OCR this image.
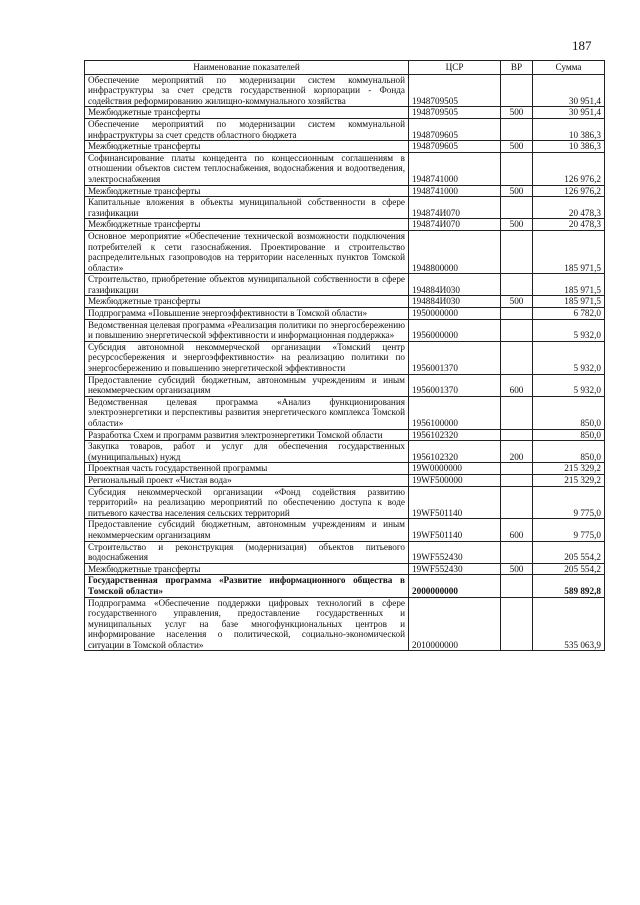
187
Наименование показателей	ЦСР	ВР	Сумма
Обеспечение мероприятий по модернизации систем коммунальной инфраструктуры за счет средств государственной корпорации - Фонда содействия реформированию жилищно-коммунального хозяйства	1948709505		30 951,4
Межбюджетные трансферты	1948709505	500	30 951,4
Обеспечение мероприятий по модернизации систем коммунальной инфраструктуры за счет средств областного бюджета	1948709605		10 386,3
Межбюджетные трансферты	1948709605	500	10 386,3
Софинансирование платы концедента по концессионным соглашениям в отношении объектов систем теплоснабжения, водоснабжения и водоотведения, электроснабжения	1948741000		126 976,2
Межбюджетные трансферты	1948741000	500	126 976,2
Капитальные вложения в объекты муниципальной собственности в сфере газификации	194874И070		20 478,3
Межбюджетные трансферты	194874И070	500	20 478,3
Основное мероприятие «Обеспечение технической возможности подключения потребителей к сети газоснабжения. Проектирование и строительство распределительных газопроводов на территории населенных пунктов Томской области»	1948800000		185 971,5
Строительство, приобретение объектов муниципальной собственности в сфере газификации	194884И030		185 971,5
Межбюджетные трансферты	194884И030	500	185 971,5
Подпрограмма «Повышение энергоэффективности в Томской области»	1950000000		6 782,0
Ведомственная целевая программа «Реализация политики по энергосбережению и повышению энергетической эффективности и информационная поддержка»	1956000000		5 932,0
Субсидия автономной некоммерческой организации «Томский центр ресурсосбережения и энергоэффективности» на реализацию политики по энергосбережению и повышению энергетической эффективности	1956001370		5 932,0
Предоставление субсидий бюджетным, автономным учреждениям и иным некоммерческим организациям	1956001370	600	5 932,0
Ведомственная целевая программа «Анализ функционирования электроэнергетики и перспективы развития энергетического комплекса Томской области»	1956100000		850,0
Разработка Схем и программ развития электроэнергетики Томской области	1956102320		850,0
Закупка товаров, работ и услуг для обеспечения государственных (муниципальных) нужд	1956102320	200	850,0
Проектная часть государственной программы	19W0000000		215 329,2
Региональный проект «Чистая вода»	19WF500000		215 329,2
Субсидия некоммерческой организации «Фонд содействия развитию территорий» на реализацию мероприятий по обеспечению доступа к воде питьевого качества населения сельских территорий	19WF501140		9 775,0
Предоставление субсидий бюджетным, автономным учреждениям и иным некоммерческим организациям	19WF501140	600	9 775,0
Строительство и реконструкция (модернизация) объектов питьевого водоснабжения	19WF552430		205 554,2
Межбюджетные трансферты	19WF552430	500	205 554,2
Государственная программа «Развитие информационного общества в Томской области»	2000000000		589 892,8
Подпрограмма «Обеспечение поддержки цифровых технологий в сфере государственного управления, предоставление государственных и муниципальных услуг на базе многофункциональных центров и информирование населения о политической, социально-экономической ситуации в Томской области»	2010000000		535 063,9
